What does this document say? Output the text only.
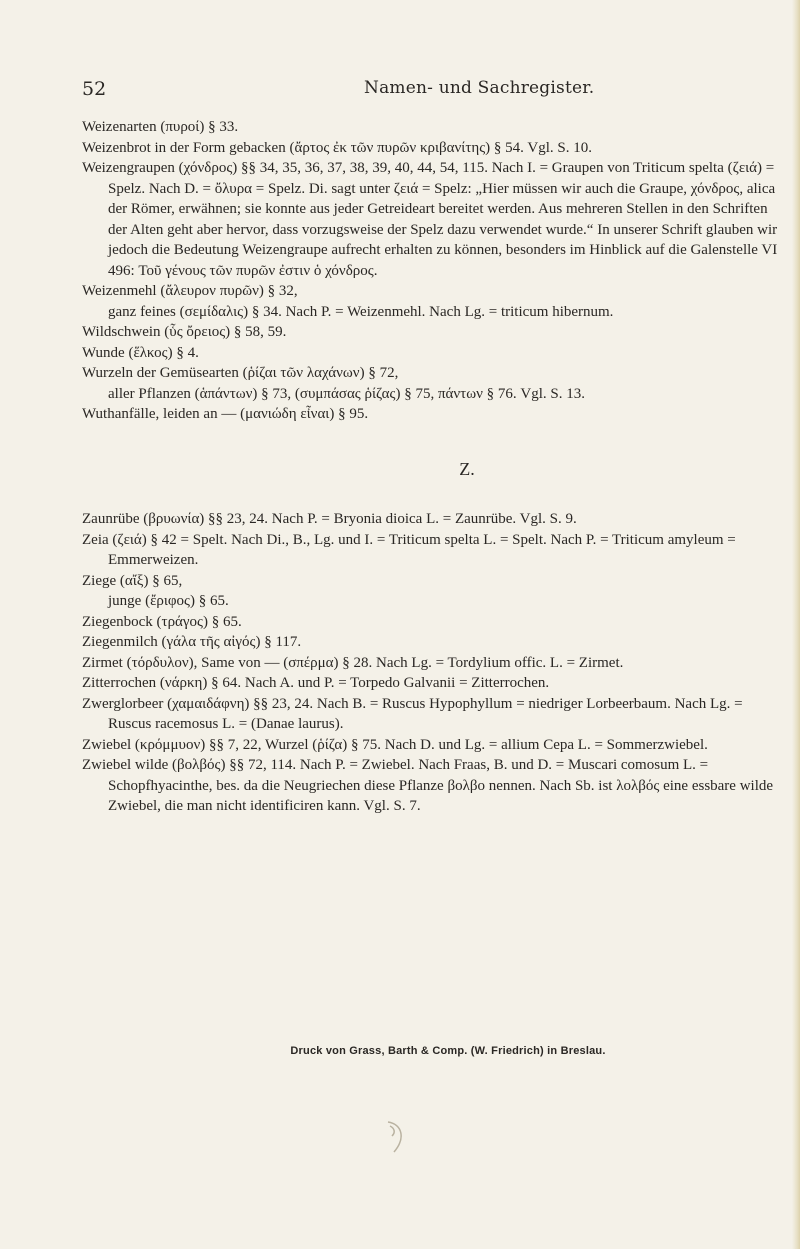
52	Namen- und Sachregister.

Weizenarten (πυροί) § 33.

Weizenbrot in der Form gebacken (ἄρτος ἐκ τῶν πυρῶν κριβανίτης) § 54. Vgl. S. 10.

Weizengraupen (χόνδρος) §§ 34, 35, 36, 37, 38, 39, 40, 44, 54, 115. Nach I. = Graupen von Triticum spelta (ζειά) = Spelz. Nach D. = ὄλυρα = Spelz. Di. sagt unter ζειά = Spelz: „Hier müssen wir auch die Graupe, χόνδρος, alica der Römer, erwähnen; sie konnte aus jeder Getreideart bereitet werden. Aus mehreren Stellen in den Schriften der Alten geht aber hervor, dass vorzugsweise der Spelz dazu verwendet wurde.“ In unserer Schrift glauben wir jedoch die Bedeutung Weizengraupe aufrecht erhalten zu können, besonders im Hinblick auf die Galenstelle VI 496: Τοῦ γένους τῶν πυρῶν ἐστιν ὁ χόνδρος.

Weizenmehl (ἄλευρον πυρῶν) § 32,

ganz feines (σεμίδαλις) § 34. Nach P. = Weizenmehl. Nach Lg. = triticum hibernum.

Wildschwein (ὗς ὄρειος) § 58, 59.

Wunde (ἕλκος) § 4.

Wurzeln der Gemüsearten (ῥίζαι τῶν λαχάνων) § 72,

aller Pflanzen (ἁπάντων) § 73, (συμπάσας ῥίζας) § 75, πάντων § 76. Vgl. S. 13.

Wuthanfälle, leiden an — (μανιώδη εἶναι) § 95.

Z.

Zaunrübe (βρυωνία) §§ 23, 24. Nach P. = Bryonia dioica L. = Zaunrübe. Vgl. S. 9.

Zeia (ζειά) § 42 = Spelt. Nach Di., B., Lg. und I. = Triticum spelta L. = Spelt. Nach P. = Triticum amyleum = Emmerweizen.

Ziege (αἴξ) § 65,

junge (ἔριφος) § 65.

Ziegenbock (τράγος) § 65.

Ziegenmilch (γάλα τῆς αἰγός) § 117.

Zirmet (τόρδυλον), Same von — (σπέρμα) § 28. Nach Lg. = Tordylium offic. L. = Zirmet.

Zitterrochen (νάρκη) § 64. Nach A. und P. = Torpedo Galvanii = Zitterrochen.

Zwerglorbeer (χαμαιδάφνη) §§ 23, 24. Nach B. = Ruscus Hypophyllum = niedriger Lorbeerbaum. Nach Lg. = Ruscus racemosus L. = (Danae laurus).

Zwiebel (κρόμμυον) §§ 7, 22, Wurzel (ῥίζα) § 75. Nach D. und Lg. = allium Cepa L. = Sommerzwiebel.

Zwiebel wilde (βολβός) §§ 72, 114. Nach P. = Zwiebel. Nach Fraas, B. und D. = Muscari comosum L. = Schopfhyacinthe, bes. da die Neugriechen diese Pflanze βολβο nennen. Nach Sb. ist λολβός eine essbare wilde Zwiebel, die man nicht identificiren kann. Vgl. S. 7.

Druck von Grass, Barth & Comp. (W. Friedrich) in Breslau.
